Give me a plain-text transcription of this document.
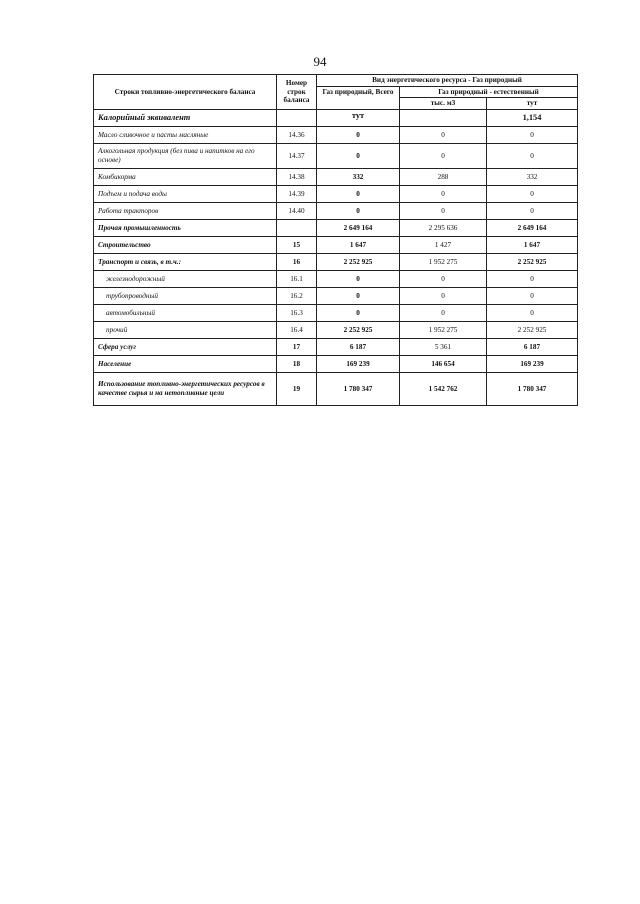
94
Строки топливно-энергетического баланса	Номер строк баланса	Вид энергетического ресурса - Газ природный		
		Газ природный, Всего	Газ природный - естественный	
			тыс. м3	тут
Калорийный эквивалент		тут		1,154
Масло сливочное и пасты масляные	14.36	0	0	0
Алкогольная продукция (без пива и напитков на его основе)	14.37	0	0	0
Комбикорма	14.38	332	288	332
Подъем и подача воды	14.39	0	0	0
Работа тракторов	14.40	0	0	0
Прочая промышленность		2 649 164	2 295 636	2 649 164
Строительство	15	1 647	1 427	1 647
Транспорт и связь, в т.ч.:	16	2 252 925	1 952 275	2 252 925
железнодорожный	16.1	0	0	0
трубопроводный	16.2	0	0	0
автомобильный	16.3	0	0	0
прочий	16.4	2 252 925	1 952 275	2 252 925
Сфера услуг	17	6 187	5 361	6 187
Население	18	169 239	146 654	169 239
Использование топливно-энергетических ресурсов в качестве сырья и на нетопливные цели	19	1 780 347	1 542 762	1 780 347
